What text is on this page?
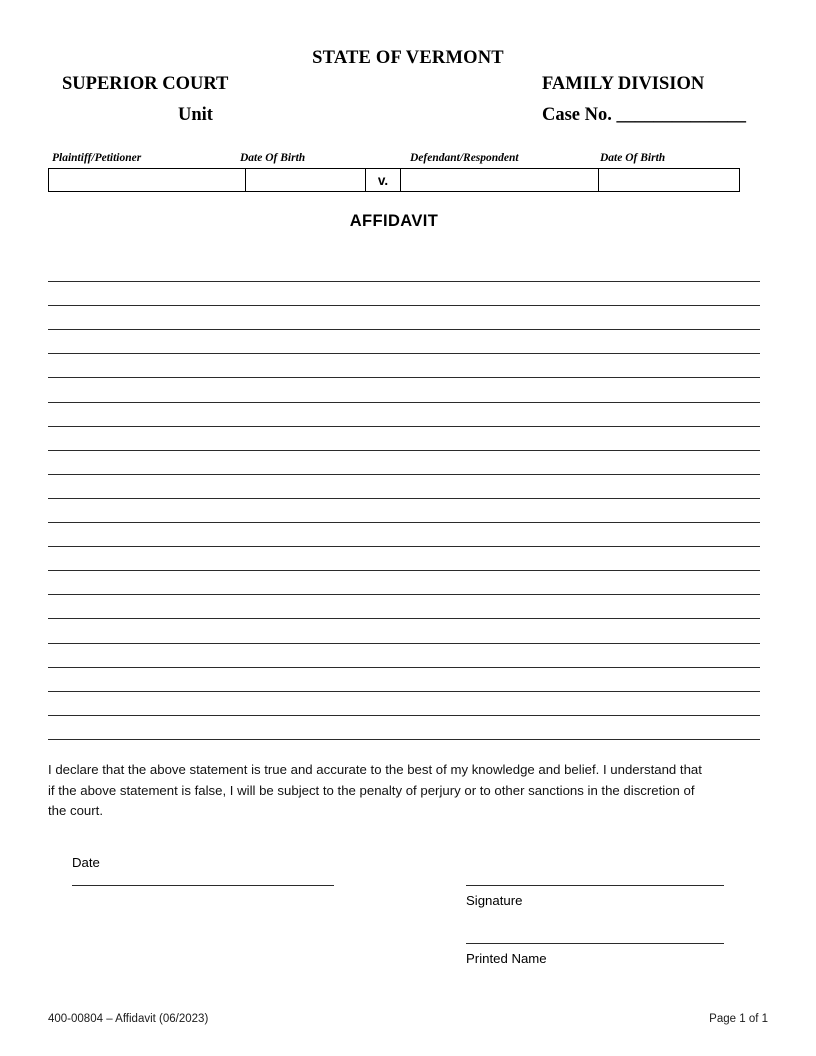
STATE OF VERMONT
SUPERIOR COURT	FAMILY DIVISION
Unit	Case No. ______________
Plaintiff/Petitioner	Date Of Birth	Defendant/Respondent	Date Of Birth
v.
AFFIDAVIT
I declare that the above statement is true and accurate to the best of my knowledge and belief. I understand that if the above statement is false, I will be subject to the penalty of perjury or to other sanctions in the discretion of the court.
Date
Signature
Printed Name
400-00804 – Affidavit (06/2023)	Page 1 of 1
